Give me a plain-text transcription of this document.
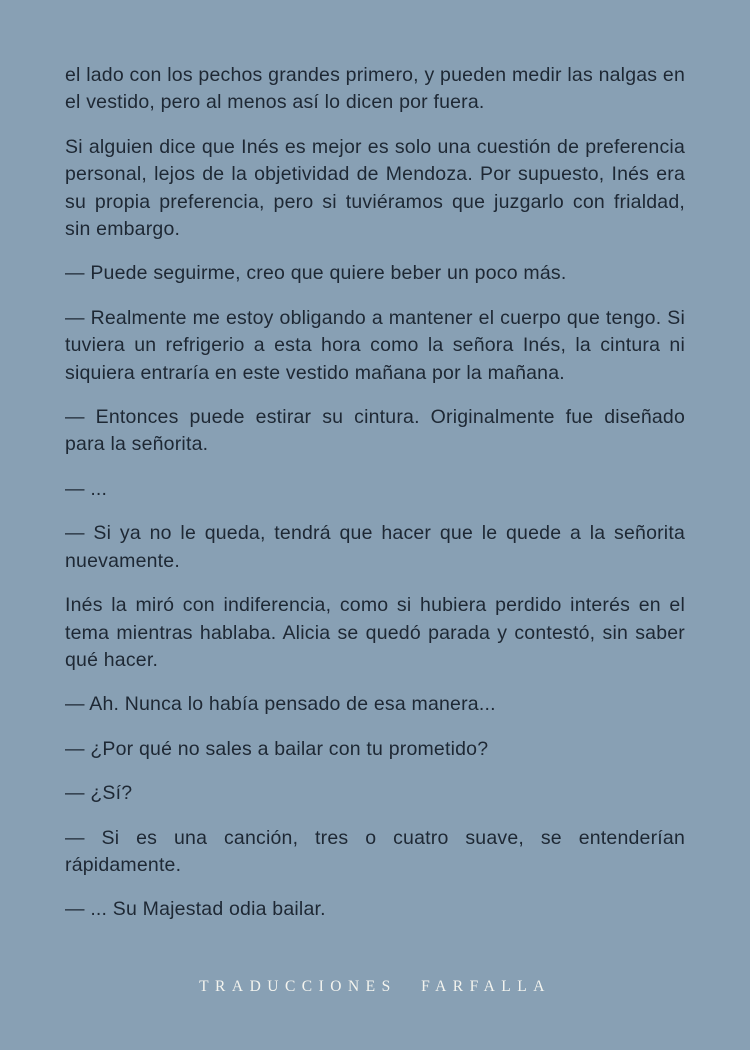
el lado con los pechos grandes primero, y pueden medir las nalgas en el vestido, pero al menos así lo dicen por fuera.

Si alguien dice que Inés es mejor es solo una cuestión de preferencia personal, lejos de la objetividad de Mendoza. Por supuesto, Inés era su propia preferencia, pero si tuviéramos que juzgarlo con frialdad, sin embargo.

— Puede seguirme, creo que quiere beber un poco más.

— Realmente me estoy obligando a mantener el cuerpo que tengo. Si tuviera un refrigerio a esta hora como la señora Inés, la cintura ni siquiera entraría en este vestido mañana por la mañana.

— Entonces puede estirar su cintura. Originalmente fue diseñado para la señorita.

— ...

— Si ya no le queda, tendrá que hacer que le quede a la señorita nuevamente.

Inés la miró con indiferencia, como si hubiera perdido interés en el tema mientras hablaba. Alicia se quedó parada y contestó, sin saber qué hacer.

— Ah. Nunca lo había pensado de esa manera...

— ¿Por qué no sales a bailar con tu prometido?

— ¿Sí?

— Si es una canción, tres o cuatro suave, se entenderían rápidamente.

— ... Su Majestad odia bailar.

TRADUCCIONES FARFALLA
